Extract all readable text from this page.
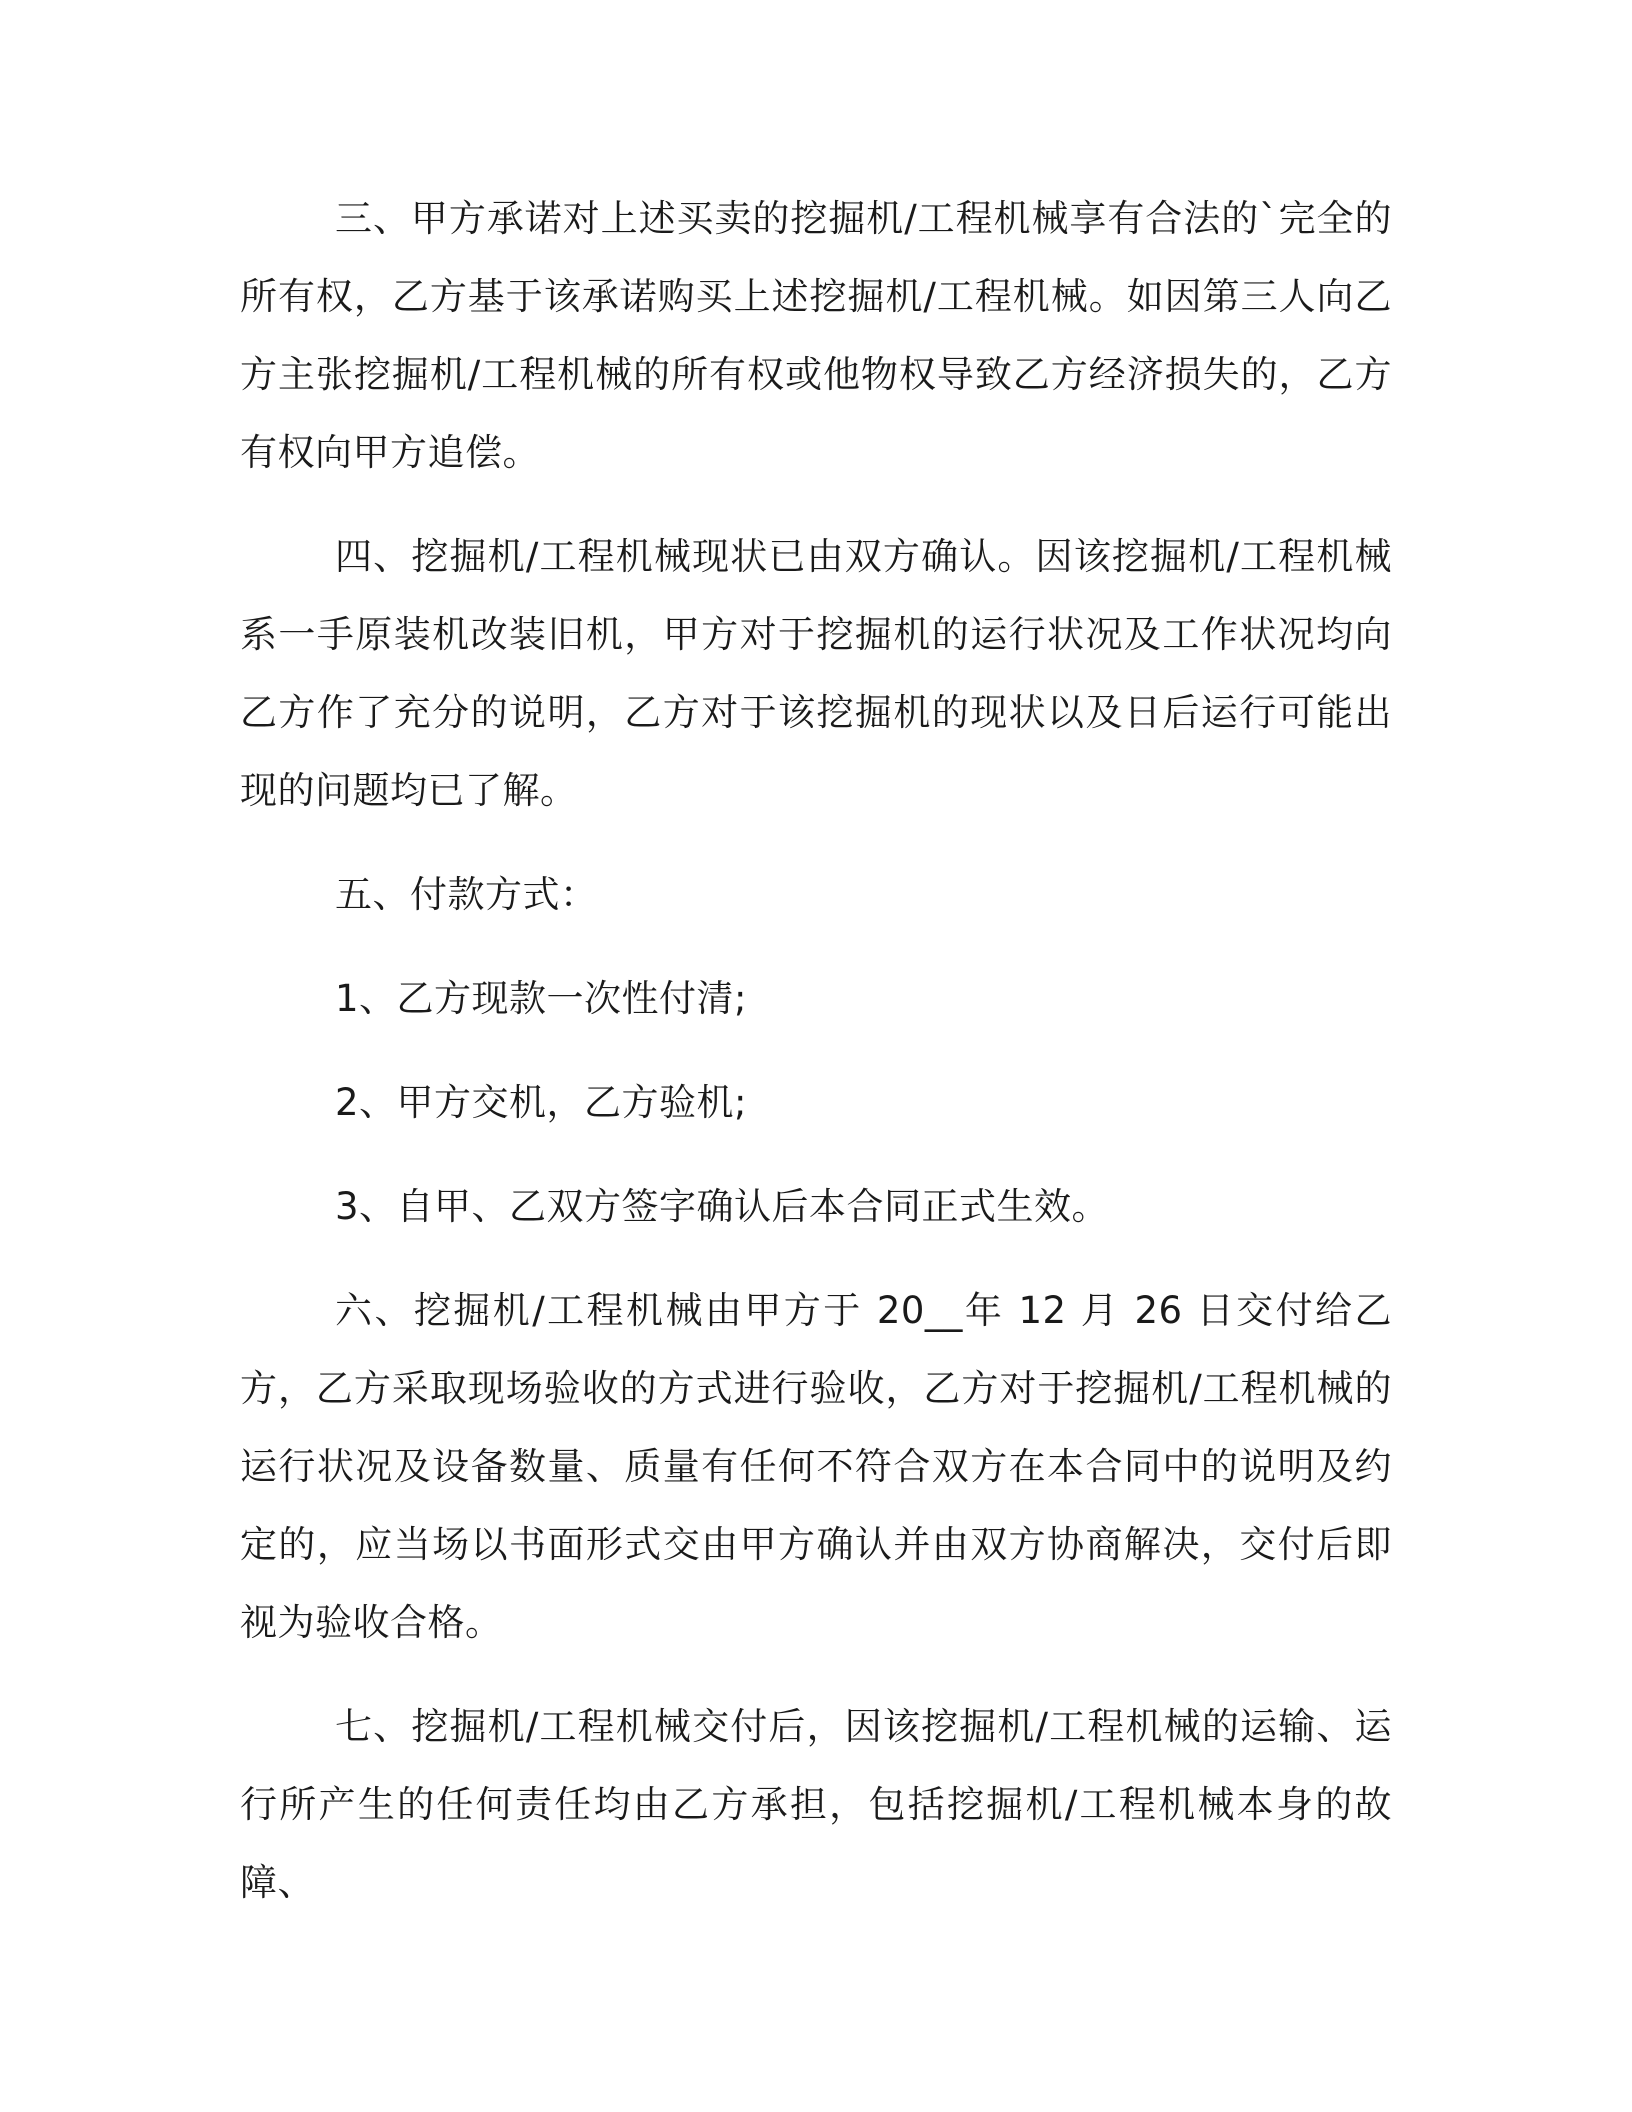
三、甲方承诺对上述买卖的挖掘机/工程机械享有合法的`完全的所有权，乙方基于该承诺购买上述挖掘机/工程机械。如因第三人向乙方主张挖掘机/工程机械的所有权或他物权导致乙方经济损失的，乙方有权向甲方追偿。

四、挖掘机/工程机械现状已由双方确认。因该挖掘机/工程机械系一手原装机改装旧机，甲方对于挖掘机的运行状况及工作状况均向乙方作了充分的说明，乙方对于该挖掘机的现状以及日后运行可能出现的问题均已了解。

五、付款方式：

1、乙方现款一次性付清;

2、甲方交机，乙方验机;

3、自甲、乙双方签字确认后本合同正式生效。

六、挖掘机/工程机械由甲方于 20__年 12 月 26 日交付给乙方，乙方采取现场验收的方式进行验收，乙方对于挖掘机/工程机械的运行状况及设备数量、质量有任何不符合双方在本合同中的说明及约定的，应当场以书面形式交由甲方确认并由双方协商解决，交付后即视为验收合格。

七、挖掘机/工程机械交付后，因该挖掘机/工程机械的运输、运行所产生的任何责任均由乙方承担，包括挖掘机/工程机械本身的故障、
